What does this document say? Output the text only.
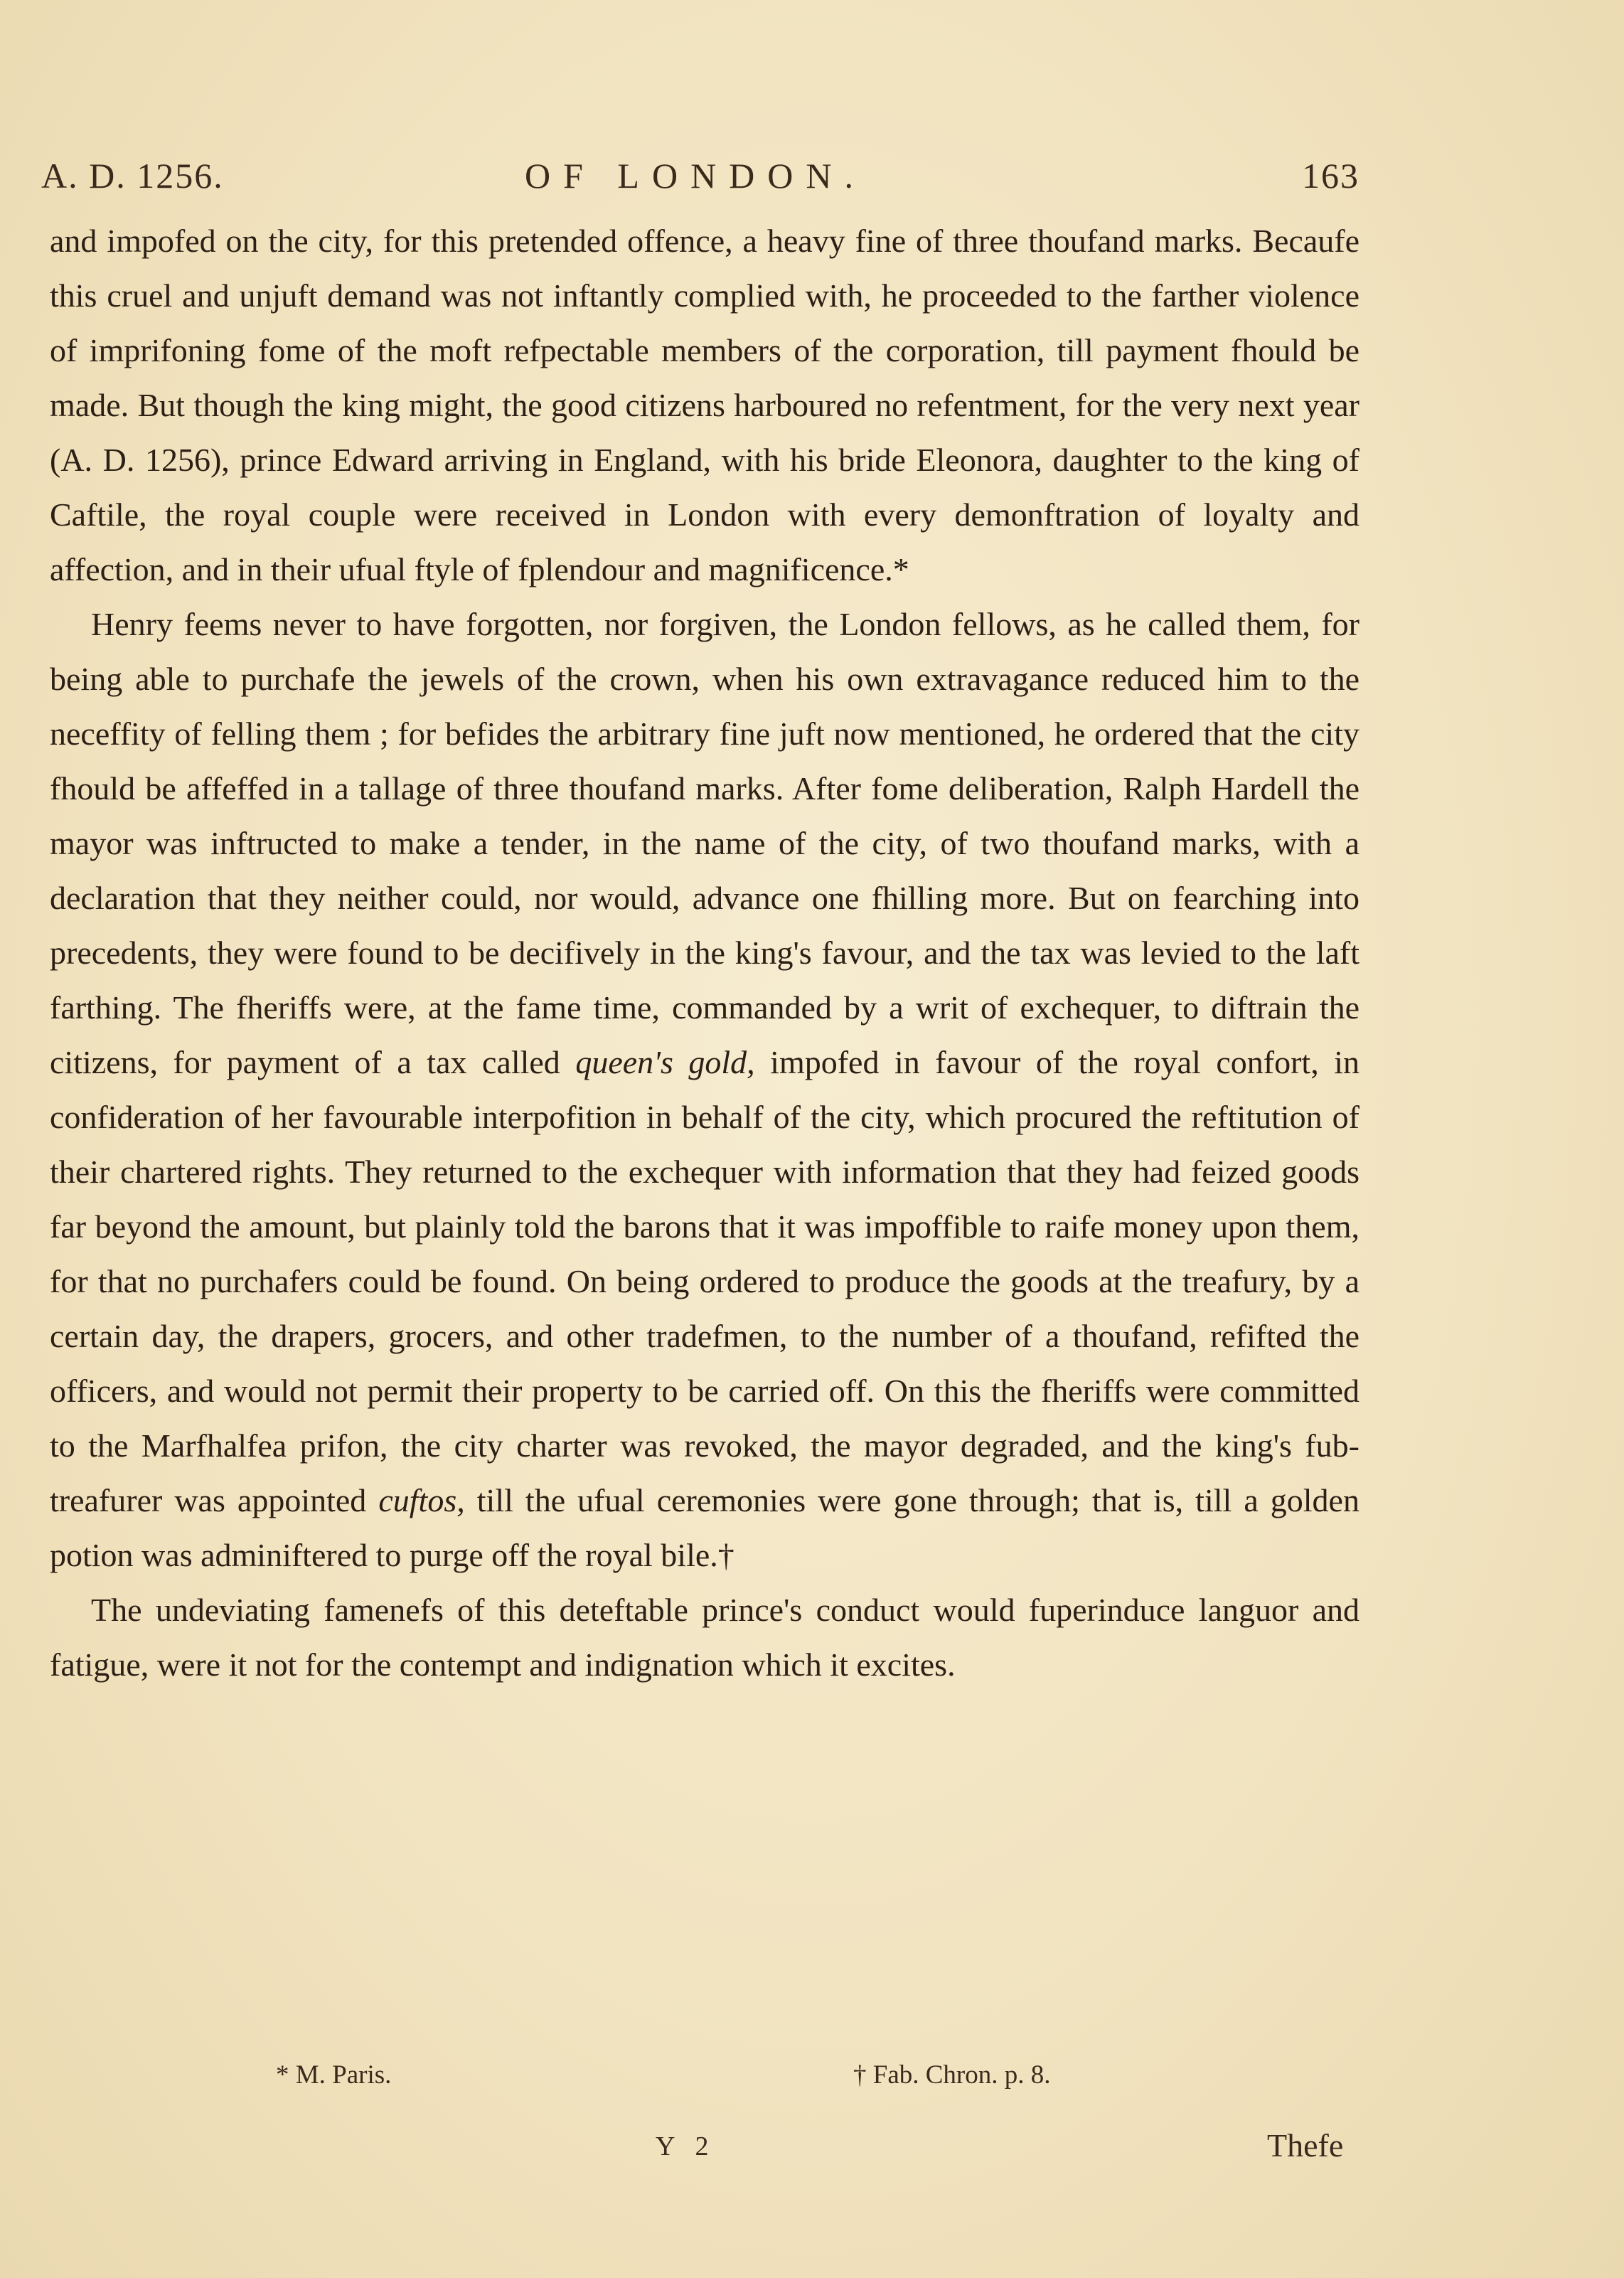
A. D. 1256.	OF LONDON.	163

and impofed on the city, for this pretended offence, a heavy fine of three thoufand marks. Becaufe this cruel and unjuft demand was not inftantly complied with, he proceeded to the farther violence of imprifoning fome of the moft refpectable members of the corporation, till payment fhould be made. But though the king might, the good citizens harboured no refentment, for the very next year (A. D. 1256), prince Edward arriving in England, with his bride Eleonora, daughter to the king of Caftile, the royal couple were received in London with every demonftration of loyalty and affection, and in their ufual ftyle of fplendour and magnificence.*

Henry feems never to have forgotten, nor forgiven, the London fellows, as he called them, for being able to purchafe the jewels of the crown, when his own extravagance reduced him to the neceffity of felling them ; for befides the arbitrary fine juft now mentioned, he ordered that the city fhould be affeffed in a tallage of three thoufand marks. After fome deliberation, Ralph Hardell the mayor was inftructed to make a tender, in the name of the city, of two thoufand marks, with a declaration that they neither could, nor would, advance one fhilling more. But on fearching into precedents, they were found to be decifively in the king's favour, and the tax was levied to the laft farthing. The fheriffs were, at the fame time, commanded by a writ of exchequer, to diftrain the citizens, for payment of a tax called queen's gold, impofed in favour of the royal confort, in confideration of her favourable interpofition in behalf of the city, which procured the reftitution of their chartered rights. They returned to the exchequer with information that they had feized goods far beyond the amount, but plainly told the barons that it was impoffible to raife money upon them, for that no purchafers could be found. On being ordered to produce the goods at the treafury, by a certain day, the drapers, grocers, and other tradefmen, to the number of a thoufand, refifted the officers, and would not permit their property to be carried off. On this the fheriffs were committed to the Marfhalfea prifon, the city charter was revoked, the mayor degraded, and the king's fub-treafurer was appointed cuftos, till the ufual ceremonies were gone through; that is, till a golden potion was adminiftered to purge off the royal bile.†

The undeviating famenefs of this deteftable prince's conduct would fuperinduce languor and fatigue, were it not for the contempt and indignation which it excites.

* M. Paris.	† Fab. Chron. p. 8.
Y 2	Thefe
